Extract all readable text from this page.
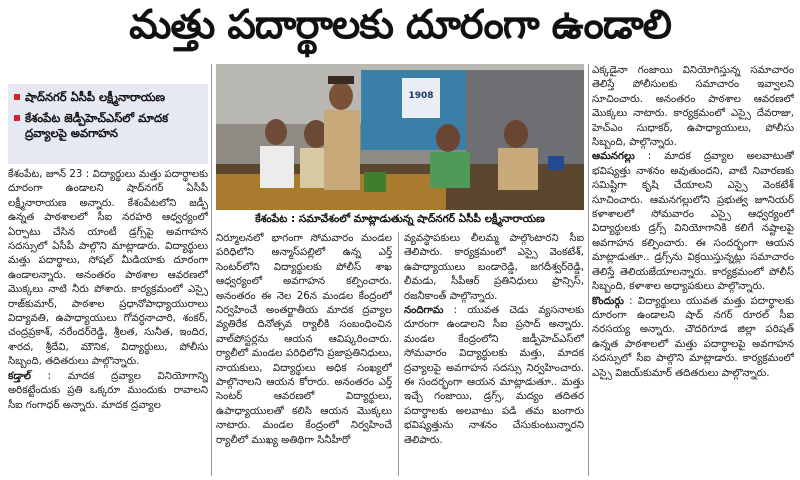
మత్తు పదార్థాలకు దూరంగా ఉండాలి
షాద్‌నగర్ ఏసీపీ లక్ష్మీనారాయణ
కేశంపేట జెడ్పీహెచ్ఎస్‌లో మాదక ద్రవ్యాలపై అవగాహన
1908
కేశంపేట : సమావేశంలో మాట్లాడుతున్న షాద్‌నగర్ ఏసీపీ లక్ష్మీనారాయణ

కేశంపేట, జూన్ 23 : విద్యార్థులు మత్తు పదార్థాలకు దూరంగా ఉండాలని షాద్‌నగర్ ఏసీపీ లక్ష్మీనారాయణ అన్నారు. కేశంపేటలోని జడ్పీ ఉన్నత పాఠశాలలో సీఐ నరహరి ఆధ్వర్యంలో ఏర్పాటు చేసిన యాంటీ డ్రగ్స్‌పై అవగాహన సదస్సులో ఏసీపీ పాల్గొని మాట్లాడారు. విద్యార్థులు మత్తు పదార్థాలు, సోషల్ మీడియాకు దూరంగా ఉండాలన్నారు. అనంతరం పాఠశాల ఆవరణలో మొక్కలు నాటి నీరు పోశారు. కార్యక్రమంలో ఎస్సై రాజ్‌కుమార్, పాఠశాల ప్రధానోపాధ్యాయురాలు విద్యావతి, ఉపాధ్యాయులు గోవర్ధనాచారి, శంకర్, చంద్రప్రకాశ్, నరేందర్‌రెడ్డి, శ్రీలత, సునీత, ఇందిర, శారద, శ్రీదేవి, మౌనిక, విద్యార్థులు, పోలీసు సిబ్బంది, తదితరులు పాల్గొన్నారు.

కడ్తాల్ : మాదక ద్రవ్యాల వినియోగాన్ని అరికట్టేందుకు ప్రతి ఒక్కరూ ముందుకు రావాలని సీఐ గంగాధర్ అన్నారు. మాదక ద్రవ్యాల

నిర్మూలనలో భాగంగా సోమవారం మండల పరిధిలోని అన్మాస్‌పల్లిలో ఉన్న ఎర్త్ సెంటర్‌లోని విద్యార్థులకు పోలీస్ శాఖ ఆధ్వర్యంలో అవగాహన కల్పించారు. అనంతరం ఈ నెల 26న మండల కేంద్రంలో నిర్వహించే అంతర్జాతీయ మాదక ద్రవ్యాల వ్యతిరేక దినోత్సవ ర్యాలీకి సంబంధించిన వాల్‌పోస్టర్లను ఆయన ఆవిష్కరించారు. ర్యాలీలో మండల పరిధిలోని ప్రజాప్రతినిధులు, నాయకులు, విద్యార్థులు అధిక సంఖ్యలో పాల్గొనాలని ఆయన కోరారు. అనంతరం ఎర్త్ సెంటర్ ఆవరణలో విద్యార్థులు, ఉపాధ్యాయులతో కలిసి ఆయన మొక్కలు నాటారు. మండల కేంద్రంలో నిర్వహించే ర్యాలీలో ముఖ్య అతిథిగా సినీహీరో

వ్యవస్థాపకులు లీలమ్మ పాల్గొంటారని సీఐ తెలిపారు. కార్యక్రమంలో ఎస్సై వెంకటేశ్‌, ఉపాధ్యాయులు బండారెడ్డి, జగదీశ్వర్‌రెడ్డి, లీమడు, సీపీఆర్ ప్రతినిధులు ఫ్రాన్సిస్, రజనీకాంత్ పాల్గొన్నారు.

నందిగామ : యువత చెడు వ్యసనాలకు దూరంగా ఉండాలని సీఐ ప్రసాద్ అన్నారు. మండల కేంద్రంలోని జడ్పీహెచ్ఎస్‌లో సోమవారం విద్యార్థులకు మత్తు, మాదక ద్రవ్యాలపై అవగాహన సదస్సు నిర్వహించారు. ఈ సందర్భంగా ఆయన మాట్లాడుతూ.. మత్తు ఇచ్చే గంజాయి, డ్రగ్స్, మద్యం తదితర పదార్థాలకు అలవాటు పడి తమ బంగారు భవిష్యత్తును నాశనం చేసుకుంటున్నారని తెలిపారు.

ఎక్కడైనా గంజాయి వినియోగిస్తున్న సమాచారం తెలిస్తే పోలీసులకు సమాచారం ఇవ్వాలని సూచించారు. అనంతరం పాఠశాల ఆవరణలో మొక్కలు నాటారు. కార్యక్రమంలో ఎస్సై దేవరాజు, హెచ్ఎం సుధాకర్, ఉపాధ్యాయులు, పోలీసు సిబ్బంది, పాల్గొన్నారు.

ఆమనగల్లు : మాదక ద్రవ్యాల అలవాటుతో భవిష్యత్తు నాశనం అవుతుందని, వాటి నివారణకు సమిష్టిగా కృషి చేయాలని ఎస్సై వెంకటేశ్ సూచించారు. ఆమనగల్లులోని ప్రభుత్వ జూనియర్ కళాశాలలో సోమవారం ఎస్సై ఆధ్వర్యంలో విద్యార్థులకు డ్రగ్స్ వినియోగానికి కలిగే నష్టాలపై అవగాహన కల్పించారు. ఈ సందర్భంగా ఆయన మాట్లాడుతూ.. డ్రగ్స్‌ను విక్రయిస్తున్నట్లు సమాచారం తెలిస్తే తెలియజేయాలన్నారు. కార్యక్రమంలో పోలీస్ సిబ్బంది, కళాశాల అధ్యాపకులు పాల్గొన్నారు.

కొందుర్గు : విద్యార్థులు యువత మత్తు పదార్థాలకు దూరంగా ఉండాలని షాద్ నగర్ రూరల్ సీఐ నరసయ్య అన్నారు. చౌదరిగూడ జిల్లా పరిషత్ ఉన్నత పాఠశాలలో మత్తు పదార్థాలపై అవగాహన సదస్సులో సీఐ పాల్గొని మాట్లాడారు. కార్యక్రమంలో ఎస్సై విజయ్‌కుమార్ తదితరులు పాల్గొన్నారు.
